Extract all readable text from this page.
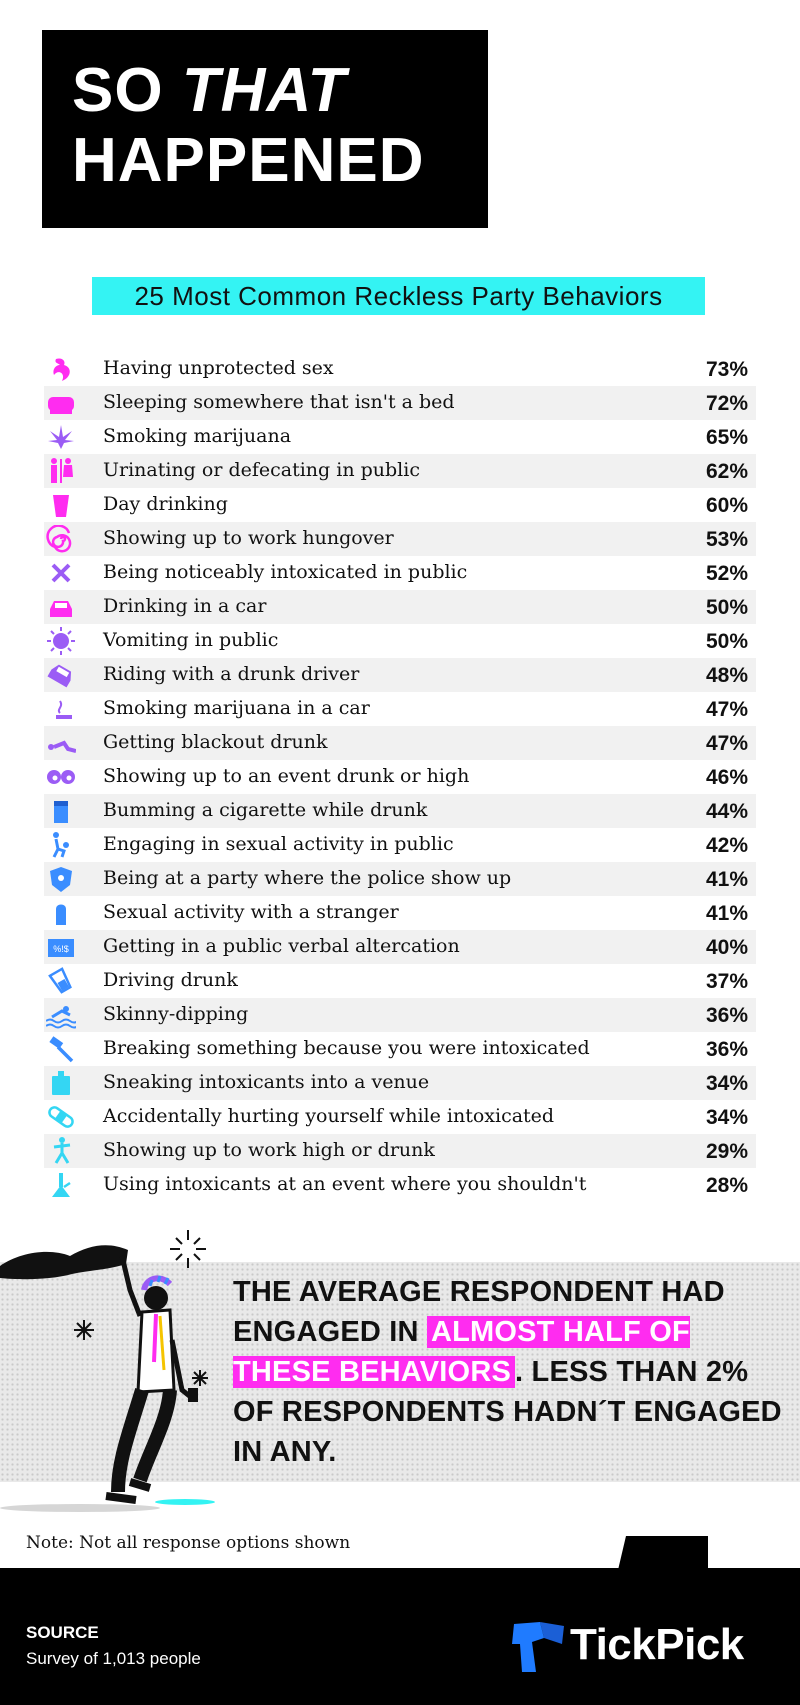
SO THAT
HAPPENED
25 Most Common Reckless Party Behaviors
Having unprotected sex	73%
Sleeping somewhere that isn't a bed	72%
Smoking marijuana	65%
Urinating or defecating in public	62%
Day drinking	60%
Showing up to work hungover	53%
Being noticeably intoxicated in public	52%
Drinking in a car	50%
Vomiting in public	50%
Riding with a drunk driver	48%
Smoking marijuana in a car	47%
Getting blackout drunk	47%
Showing up to an event drunk or high	46%
Bumming a cigarette while drunk	44%
Engaging in sexual activity in public	42%
Being at a party where the police show up	41%
Sexual activity with a stranger	41%
%!$ Getting in a public verbal altercation	40%
Driving drunk	37%
Skinny-dipping	36%
Breaking something because you were intoxicated	36%
Sneaking intoxicants into a venue	34%
Accidentally hurting yourself while intoxicated	34%
Showing up to work high or drunk	29%
Using intoxicants at an event where you shouldn't	28%
THE AVERAGE RESPONDENT HAD ENGAGED IN ALMOST HALF OF THESE BEHAVIORS . LESS THAN 2% OF RESPONDENTS HADN´T ENGAGED IN ANY.
Note: Not all response options shown
SOURCE
Survey of 1,013 people	TickPick
